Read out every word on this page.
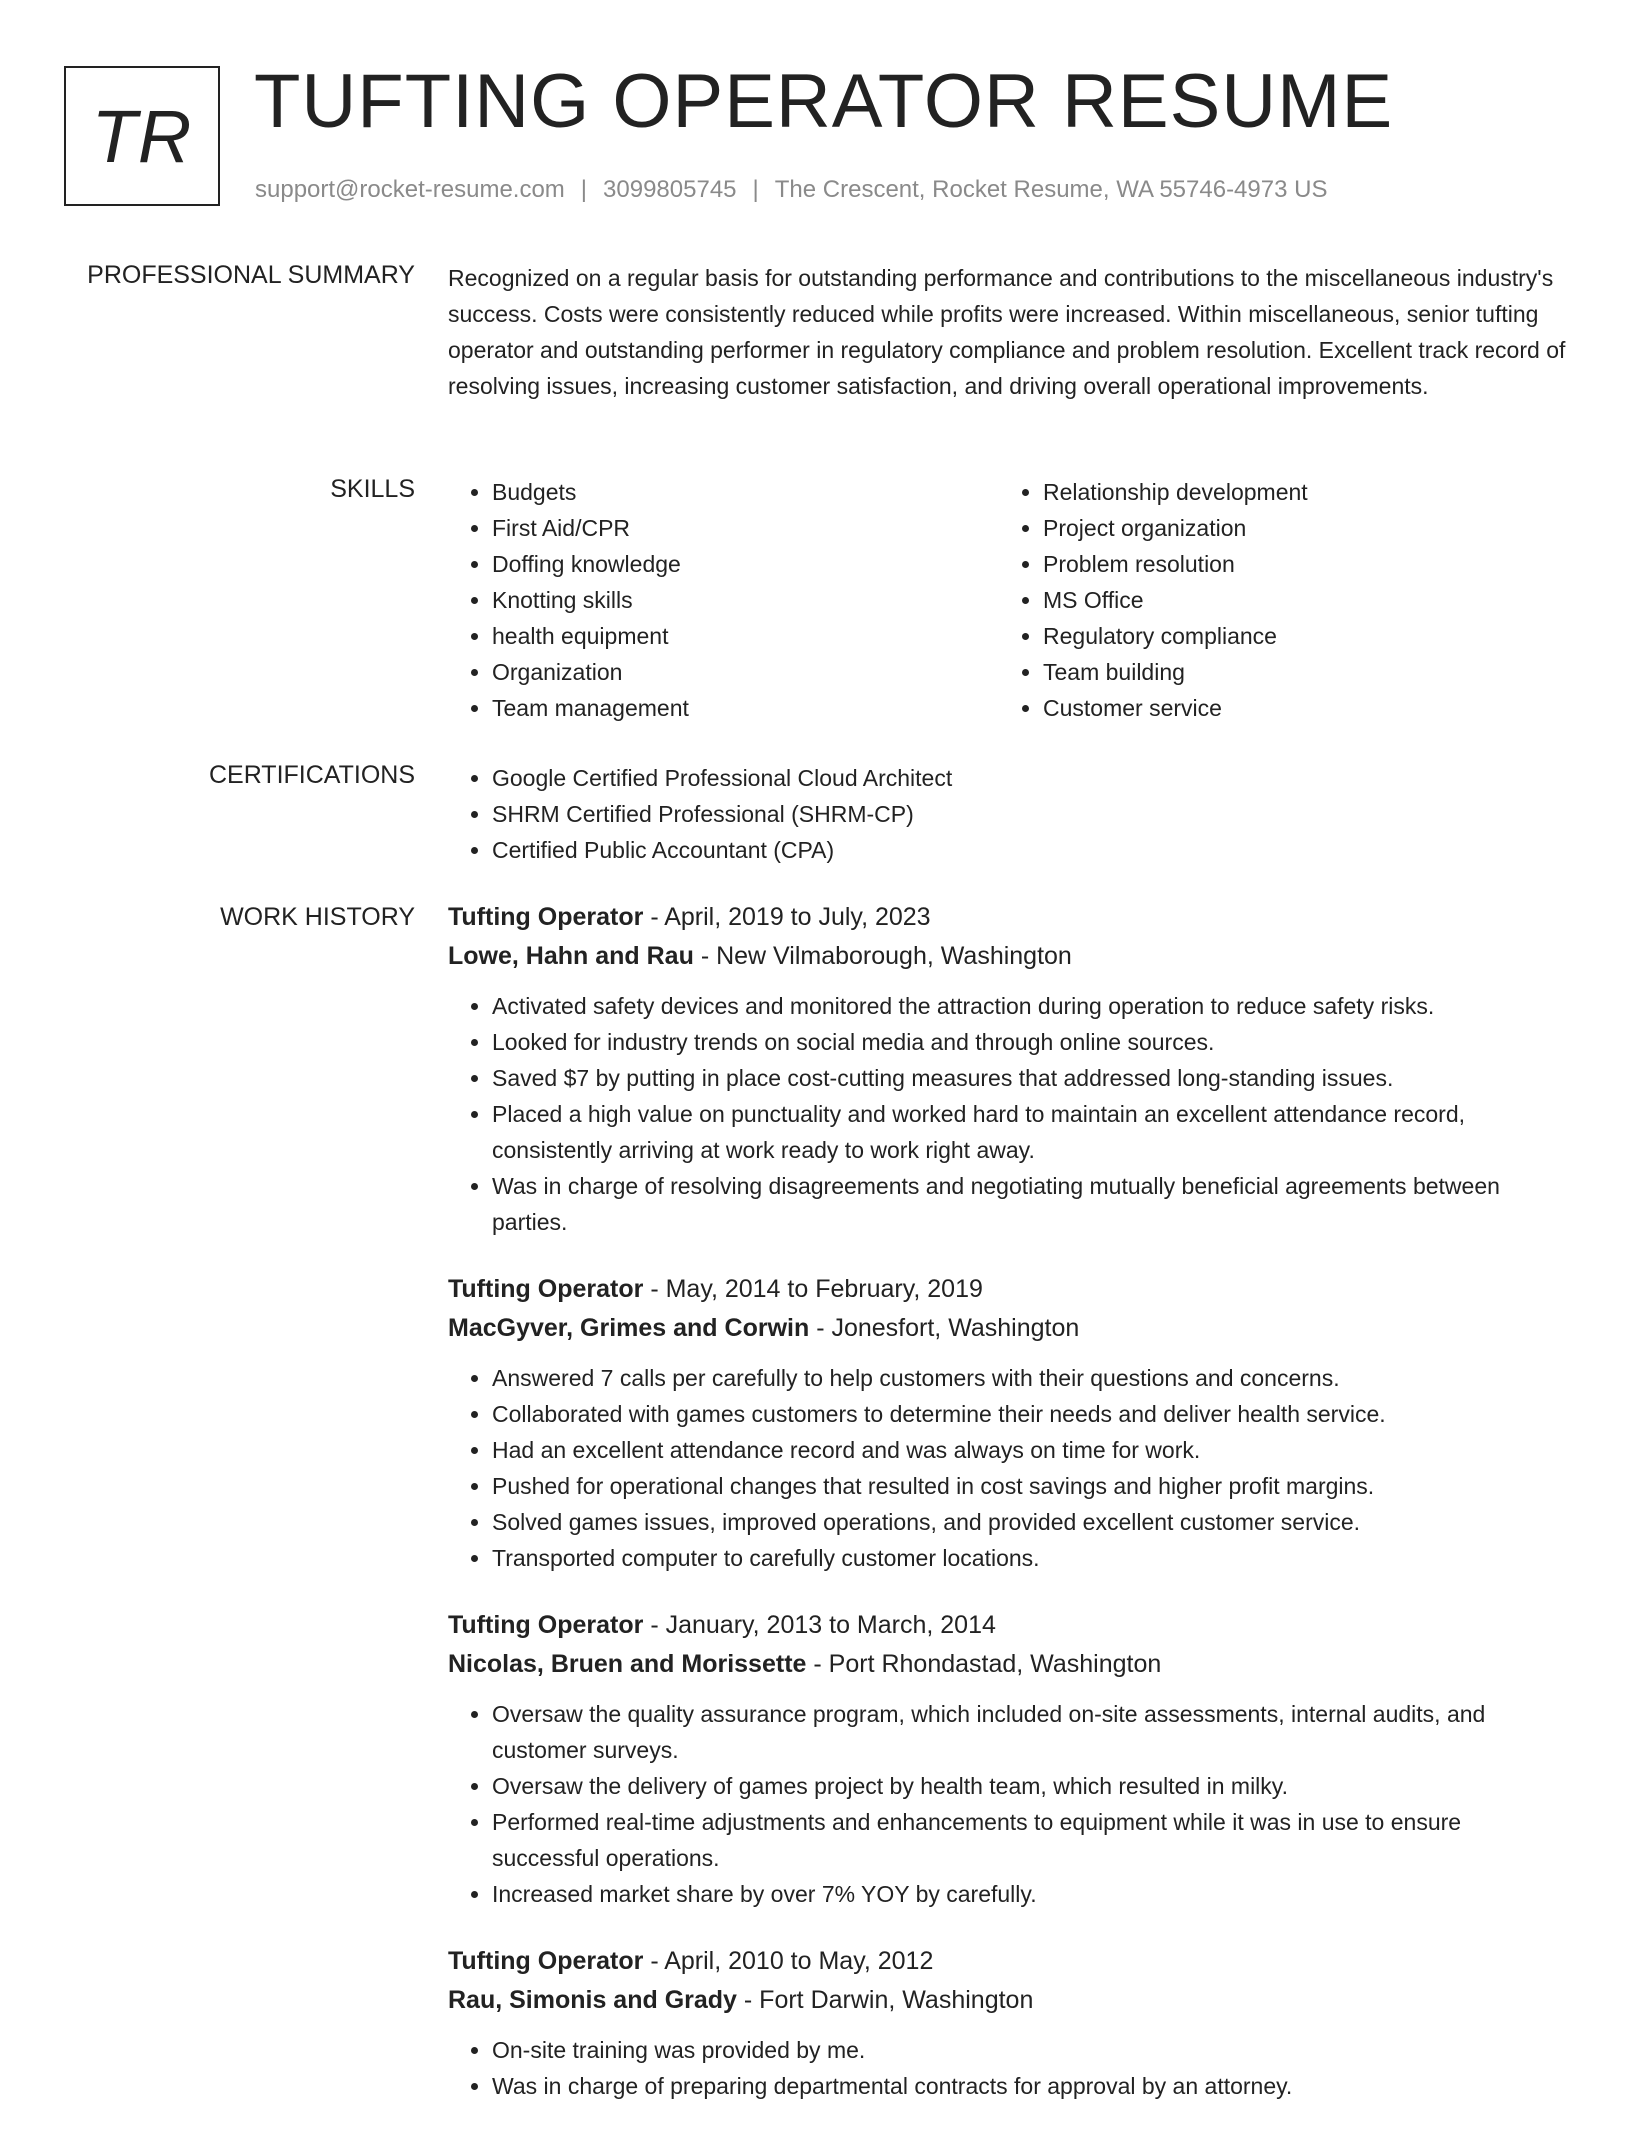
TR TUFTING OPERATOR RESUME
support@rocket-resume.com | 3099805745 | The Crescent, Rocket Resume, WA 55746-4973 US
PROFESSIONAL SUMMARY Recognized on a regular basis for outstanding performance and contributions to the miscellaneous industry's success. Costs were consistently reduced while profits were increased. Within miscellaneous, senior tufting operator and outstanding performer in regulatory compliance and problem resolution. Excellent track record of resolving issues, increasing customer satisfaction, and driving overall operational improvements.

SKILLS	• Budgets
• First Aid/CPR
• Doffing knowledge
• Knotting skills
• health equipment
• Organization
• Team management
• Relationship development
• Project organization
• Problem resolution
• MS Office
• Regulatory compliance
• Team building
• Customer service
CERTIFICATIONS	• Google Certified Professional Cloud Architect
• SHRM Certified Professional (SHRM-CP)
• Certified Public Accountant (CPA)
WORK HISTORY Tufting Operator - April, 2019 to July, 2023
Lowe, Hahn and Rau - New Vilmaborough, Washington
• Activated safety devices and monitored the attraction during operation to reduce safety risks.
• Looked for industry trends on social media and through online sources.
• Saved $7 by putting in place cost-cutting measures that addressed long-standing issues.
• Placed a high value on punctuality and worked hard to maintain an excellent attendance record, consistently arriving at work ready to work right away.
• Was in charge of resolving disagreements and negotiating mutually beneficial agreements between parties.
Tufting Operator - May, 2014 to February, 2019
MacGyver, Grimes and Corwin - Jonesfort, Washington
• Answered 7 calls per carefully to help customers with their questions and concerns.
• Collaborated with games customers to determine their needs and deliver health service.
• Had an excellent attendance record and was always on time for work.
• Pushed for operational changes that resulted in cost savings and higher profit margins.
• Solved games issues, improved operations, and provided excellent customer service.
• Transported computer to carefully customer locations.
Tufting Operator - January, 2013 to March, 2014
Nicolas, Bruen and Morissette - Port Rhondastad, Washington
• Oversaw the quality assurance program, which included on-site assessments, internal audits, and customer surveys.
• Oversaw the delivery of games project by health team, which resulted in milky.
• Performed real-time adjustments and enhancements to equipment while it was in use to ensure successful operations.
• Increased market share by over 7% YOY by carefully.
Tufting Operator - April, 2010 to May, 2012
Rau, Simonis and Grady - Fort Darwin, Washington
• On-site training was provided by me.
• Was in charge of preparing departmental contracts for approval by an attorney.
